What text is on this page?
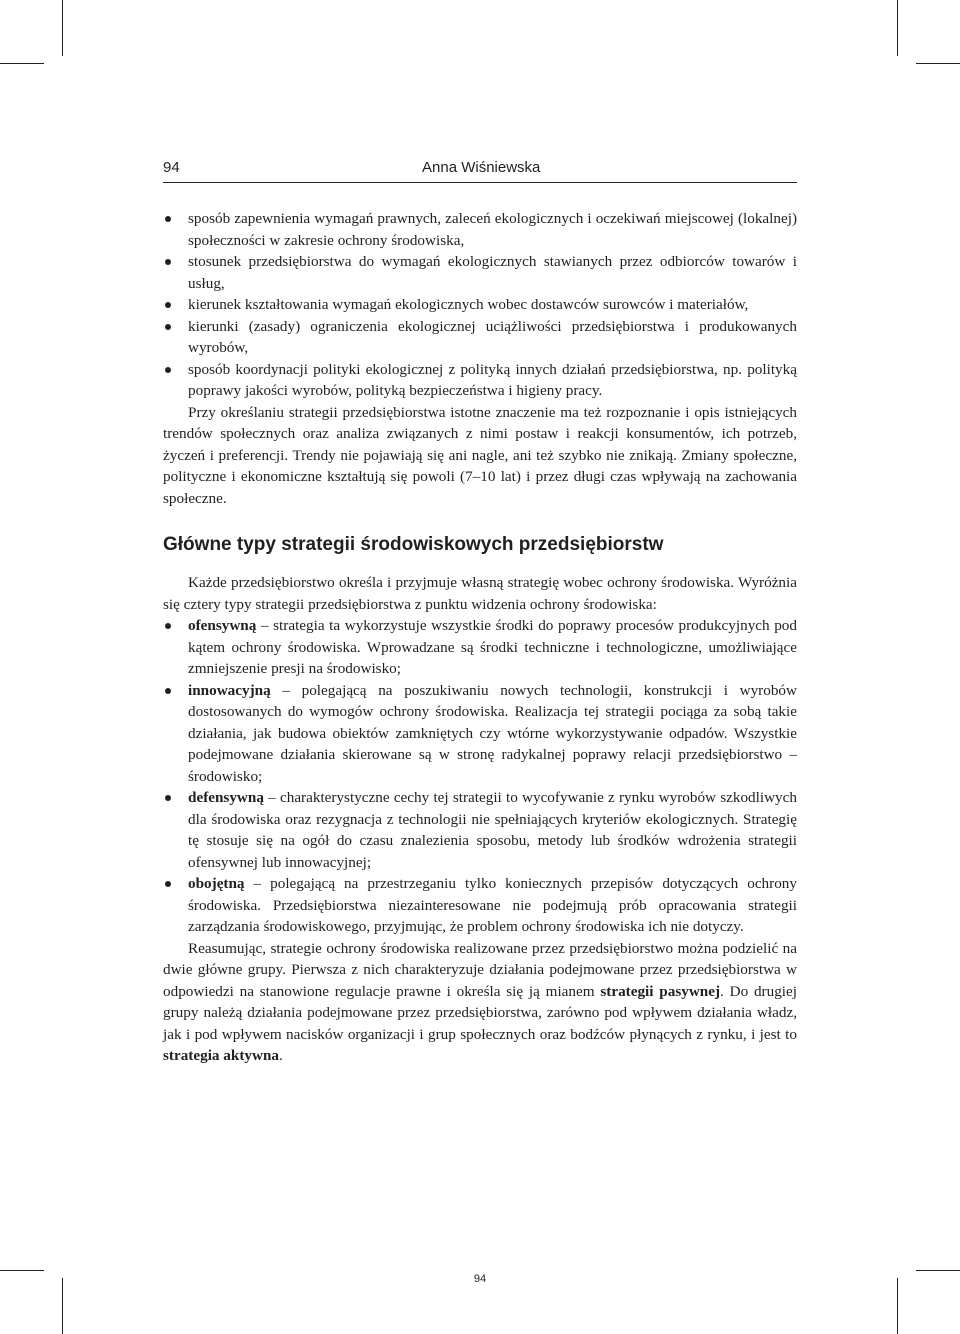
94	Anna Wiśniewska
sposób zapewnienia wymagań prawnych, zaleceń ekologicznych i oczekiwań miejscowej (lokalnej) społeczności w zakresie ochrony środowiska,
stosunek przedsiębiorstwa do wymagań ekologicznych stawianych przez odbiorców towarów i usług,
kierunek kształtowania wymagań ekologicznych wobec dostawców surowców i materiałów,
kierunki (zasady) ograniczenia ekologicznej uciążliwości przedsiębiorstwa i produkowanych wyrobów,
sposób koordynacji polityki ekologicznej z polityką innych działań przedsiębiorstwa, np. polityką poprawy jakości wyrobów, polityką bezpieczeństwa i higieny pracy.

Przy określaniu strategii przedsiębiorstwa istotne znaczenie ma też rozpoznanie i opis istniejących trendów społecznych oraz analiza związanych z nimi postaw i reakcji konsumentów, ich potrzeb, życzeń i preferencji. Trendy nie pojawiają się ani nagle, ani też szybko nie znikają. Zmiany społeczne, polityczne i ekonomiczne kształtują się powoli (7–10 lat) i przez długi czas wpływają na zachowania społeczne.

Główne typy strategii środowiskowych przedsiębiorstw

Każde przedsiębiorstwo określa i przyjmuje własną strategię wobec ochrony środowiska. Wyróżnia się cztery typy strategii przedsiębiorstwa z punktu widzenia ochrony środowiska:

ofensywną – strategia ta wykorzystuje wszystkie środki do poprawy procesów produkcyjnych pod kątem ochrony środowiska. Wprowadzane są środki techniczne i technologiczne, umożliwiające zmniejszenie presji na środowisko;
innowacyjną – polegającą na poszukiwaniu nowych technologii, konstrukcji i wyrobów dostosowanych do wymogów ochrony środowiska. Realizacja tej strategii pociąga za sobą takie działania, jak budowa obiektów zamkniętych czy wtórne wykorzystywanie odpadów. Wszystkie podejmowane działania skierowane są w stronę radykalnej poprawy relacji przedsiębiorstwo – środowisko;
defensywną – charakterystyczne cechy tej strategii to wycofywanie z rynku wyrobów szkodliwych dla środowiska oraz rezygnacja z technologii nie spełniających kryteriów ekologicznych. Strategię tę stosuje się na ogół do czasu znalezienia sposobu, metody lub środków wdrożenia strategii ofensywnej lub innowacyjnej;
obojętną – polegającą na przestrzeganiu tylko koniecznych przepisów dotyczących ochrony środowiska. Przedsiębiorstwa niezainteresowane nie podejmują prób opracowania strategii zarządzania środowiskowego, przyjmując, że problem ochrony środowiska ich nie dotyczy.

Reasumując, strategie ochrony środowiska realizowane przez przedsiębiorstwo można podzielić na dwie główne grupy. Pierwsza z nich charakteryzuje działania podejmowane przez przedsiębiorstwa w odpowiedzi na stanowione regulacje prawne i określa się ją mianem strategii pasywnej. Do drugiej grupy należą działania podejmowane przez przedsiębiorstwa, zarówno pod wpływem działania władz, jak i pod wpływem nacisków organizacji i grup społecznych oraz bodźców płynących z rynku, i jest to strategia aktywna.

94
